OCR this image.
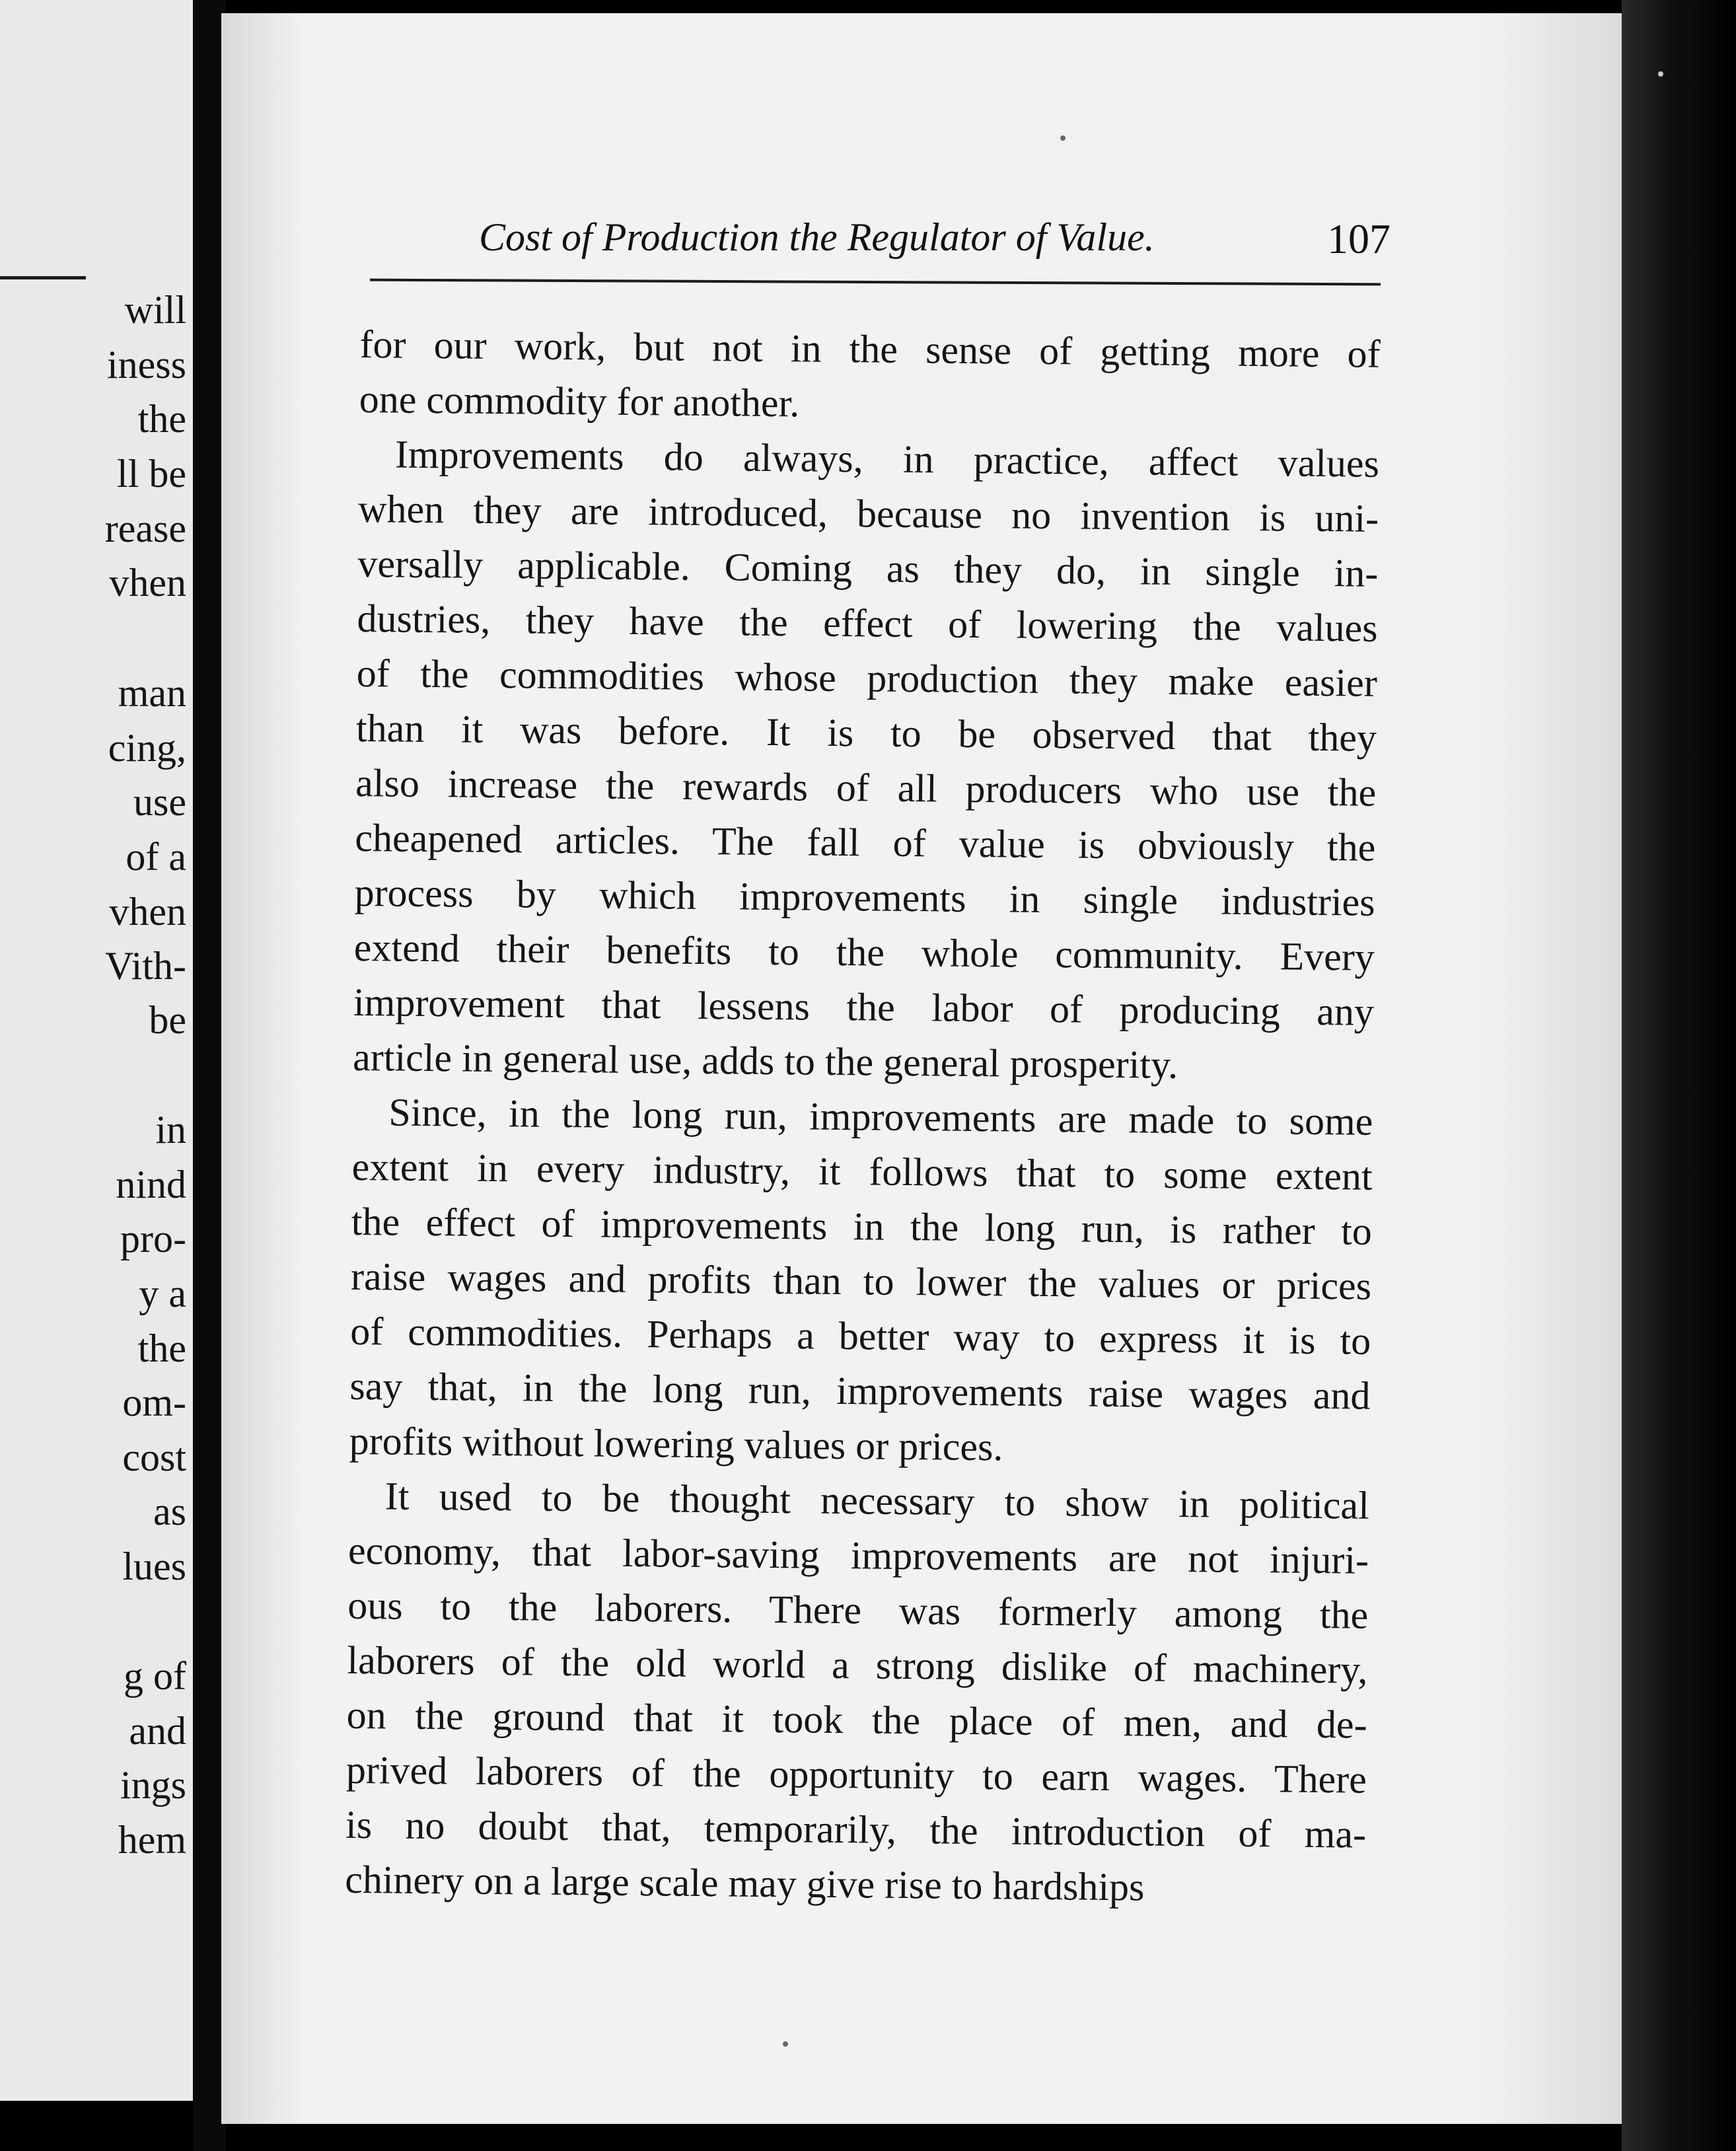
will
iness
the
ll be
rease
vhen
man
cing,
use
of a
vhen
Vith-
be
in
nind
pro-
y a
the
om-
cost
as
lues
g of
and
ings
hem
Cost of Production the Regulator of Value.	107
for our work, but not in the sense of getting more of
one commodity for another.
Improvements do always, in practice, affect values
when they are introduced, because no invention is uni-
versally applicable. Coming as they do, in single in-
dustries, they have the effect of lowering the values
of the commodities whose production they make easier
than it was before. It is to be observed that they
also increase the rewards of all producers who use the
cheapened articles. The fall of value is obviously the
process by which improvements in single industries
extend their benefits to the whole community. Every
improvement that lessens the labor of producing any
article in general use, adds to the general prosperity.
Since, in the long run, improvements are made to some
extent in every industry, it follows that to some extent
the effect of improvements in the long run, is rather to
raise wages and profits than to lower the values or prices
of commodities. Perhaps a better way to express it is to
say that, in the long run, improvements raise wages and
profits without lowering values or prices.
It used to be thought necessary to show in political
economy, that labor-saving improvements are not injuri-
ous to the laborers. There was formerly among the
laborers of the old world a strong dislike of machinery,
on the ground that it took the place of men, and de-
prived laborers of the opportunity to earn wages. There
is no doubt that, temporarily, the introduction of ma-
chinery on a large scale may give rise to hardships
